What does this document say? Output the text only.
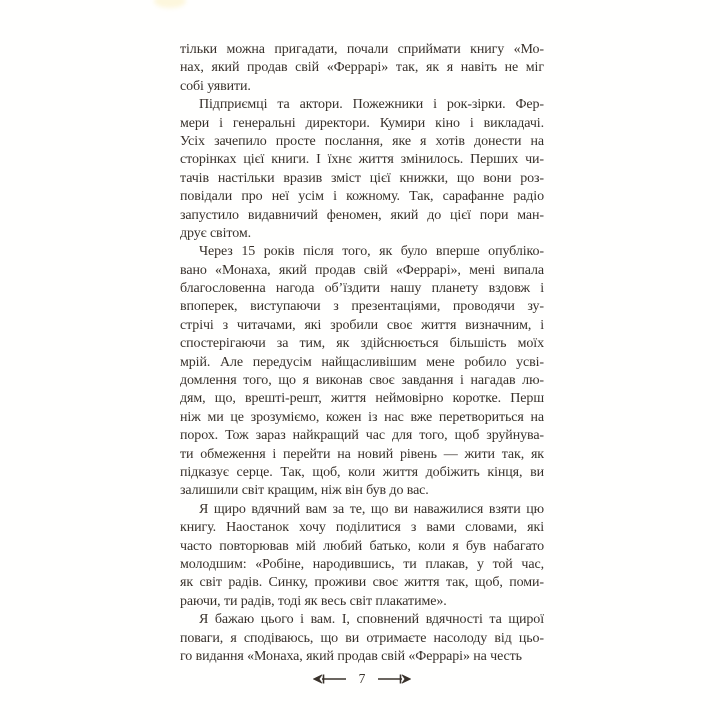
тільки можна пригадати, почали сприймати книгу «Мо-
нах, який продав свій «Феррарі» так, як я навіть не міг
собі уявити.
Підприємці та актори. Пожежники і рок-зірки. Фер-
мери і генеральні директори. Кумири кіно і викладачі.
Усіх зачепило просте послання, яке я хотів донести на
сторінках цієї книги. І їхнє життя змінилось. Перших чи-
тачів настільки вразив зміст цієї книжки, що вони роз-
повідали про неї усім і кожному. Так, сарафанне радіо
запустило видавничий феномен, який до цієї пори ман-
друє світом.
Через 15 років після того, як було вперше опубліко-
вано «Монаха, який продав свій «Феррарі», мені випала
благословенна нагода об’їздити нашу планету вздовж і
впоперек, виступаючи з презентаціями, проводячи зу-
стрічі з читачами, які зробили своє життя визначним, і
спостерігаючи за тим, як здійснюється більшість моїх
мрій. Але передусім найщасливішим мене робило усві-
домлення того, що я виконав своє завдання і нагадав лю-
дям, що, врешті-решт, життя неймовірно коротке. Перш
ніж ми це зрозуміємо, кожен із нас вже перетвориться на
порох. Тож зараз найкращий час для того, щоб зруйнува-
ти обмеження і перейти на новий рівень — жити так, як
підказує серце. Так, щоб, коли життя добіжить кінця, ви
залишили світ кращим, ніж він був до вас.
Я щиро вдячний вам за те, що ви наважилися взяти цю
книгу. Наостанок хочу поділитися з вами словами, які
часто повторював мій любий батько, коли я був набагато
молодшим: «Робіне, народившись, ти плакав, у той час,
як світ радів. Синку, проживи своє життя так, щоб, поми-
раючи, ти радів, тоді як весь світ плакатиме».
Я бажаю цього і вам. І, сповнений вдячності та щирої
поваги, я сподіваюсь, що ви отримаєте насолоду від цьо-
го видання «Монаха, який продав свій «Феррарі» на честь
7
